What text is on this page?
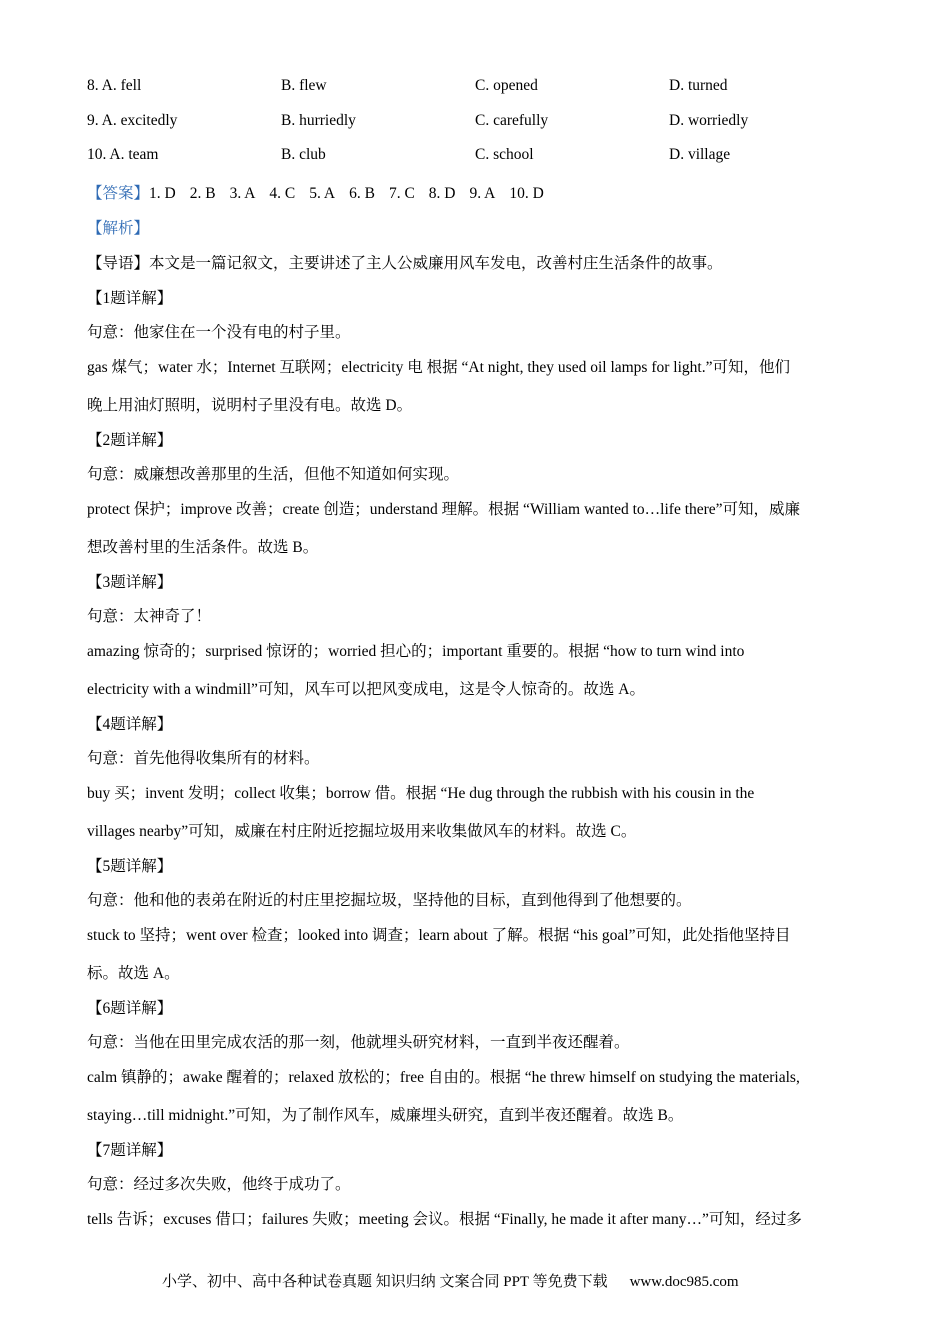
8. A. fell	B. flew	C. opened	D. turned
9. A. excitedly	B. hurriedly	C. carefully	D. worriedly
10. A. team	B. club	C. school	D. village
【答案】1. D 2. B 3. A 4. C 5. A 6. B 7. C 8. D 9. A 10. D
【解析】
【导语】本文是一篇记叙文，主要讲述了主人公威廉用风车发电，改善村庄生活条件的故事。
【1题详解】
句意：他家住在一个没有电的村子里。
gas 煤气；water 水；Internet 互联网；electricity 电 根据 “At night, they used oil lamps for light.”可知，他们
晚上用油灯照明，说明村子里没有电。故选 D。
【2题详解】
句意：威廉想改善那里的生活，但他不知道如何实现。
protect 保护；improve 改善；create 创造；understand 理解。根据 “William wanted to…life there”可知，威廉
想改善村里的生活条件。故选 B。
【3题详解】
句意：太神奇了！
amazing 惊奇的；surprised 惊讶的；worried 担心的；important 重要的。根据 “how to turn wind into
electricity with a windmill”可知，风车可以把风变成电，这是令人惊奇的。故选 A。
【4题详解】
句意：首先他得收集所有的材料。
buy 买；invent 发明；collect 收集；borrow 借。根据 “He dug through the rubbish with his cousin in the
villages nearby”可知，威廉在村庄附近挖掘垃圾用来收集做风车的材料。故选 C。
【5题详解】
句意：他和他的表弟在附近的村庄里挖掘垃圾，坚持他的目标，直到他得到了他想要的。
stuck to 坚持；went over 检查；looked into 调查；learn about 了解。根据 “his goal”可知，此处指他坚持目
标。故选 A。
【6题详解】
句意：当他在田里完成农活的那一刻，他就埋头研究材料，一直到半夜还醒着。
calm 镇静的；awake 醒着的；relaxed 放松的；free 自由的。根据 “he threw himself on studying the materials,
staying…till midnight.”可知，为了制作风车，威廉埋头研究，直到半夜还醒着。故选 B。
【7题详解】
句意：经过多次失败，他终于成功了。
tells 告诉；excuses 借口；failures 失败；meeting 会议。根据 “Finally, he made it after many…”可知，经过多
小学、初中、高中各种试卷真题 知识归纳 文案合同 PPT 等免费下载 www.doc985.com
